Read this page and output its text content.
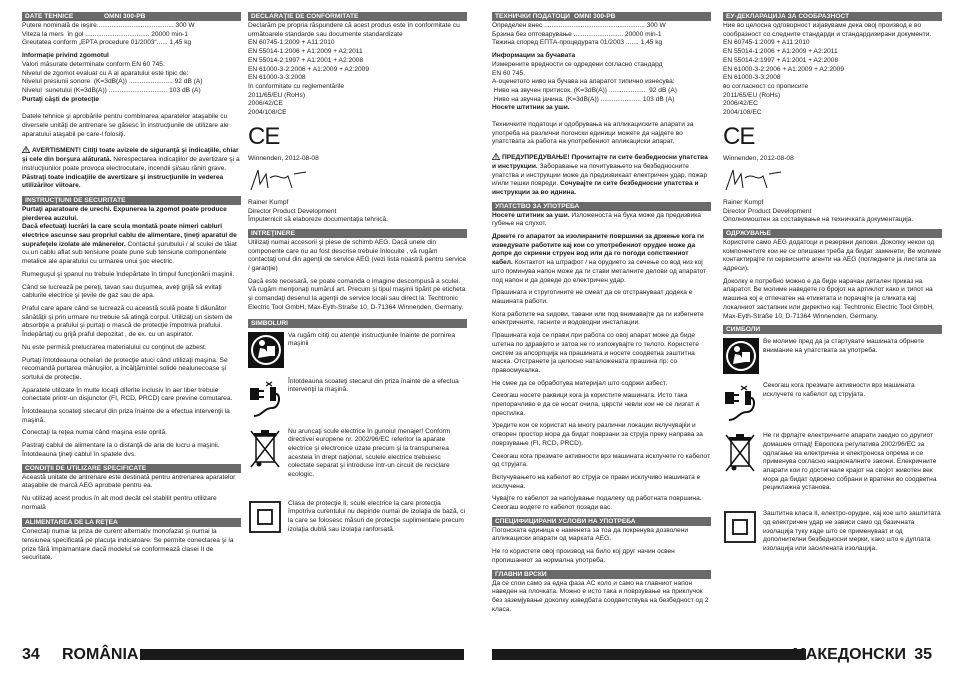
DATE TEHNICE	OMNI 300-PB
Putere nominală de ieşire.......................................... 300 W
Viteza la mers  în gol ................................... 20000 min-1
Greutatea conform „EPTA procedure 01/2003“...... 1,45 kg
Informaţie privind zgomotul
Valori măsurate determinate conform EN 60 745.
Nivelul de zgomot evaluat cu A al aparatului este tipic de:
Nivelul presiunii sonore  (K=3dB(A)) ........................ 92 dB (A)
Nivelul  sunetului (K=3dB(A)) ................................ 103 dB (A)
Purtaţi căşti de protecţie
Datele tehnice şi aprobările pentru combinarea aparatelor ataşabile cu diversele unităţi de antrenare se găsesc în instrucţiunile de utilizare ale aparatului ataşabil pe care-l folosiţi.
AVERTISMENT! Citiţi toate avizele de siguranţă şi indicaţiile, chiar şi cele din borşura alăturată. Nerespectarea indicaţiilor de avertizare şi a instrucţiunilor poate provoca electrocutare, incendii şi/sau răniri grave. Păstraţi toate indicaţiile de avertizare şi instrucţiunile în vederea utilizărilor viitoare.
INSTRUCŢIUNI DE SECURITATE
Purtaţi aparatoare de urechi. Expunerea la zgomot poate produce pierderea auzului.
Dacă efectuaţi lucrări la care scula montată poate nimeri cabluri electrice ascunse sau propriul cablu de alimentare, ţineţi aparatul de suprafeţele izolate ale mânerelor. Contactul şurubului / al sculei de tăiat cu un cablu aflat sub tensiune poate pune sub tensiune componentele metalice ale aparatului cu urmarea unui şoc electric.
Rumeguşul şi şpanul nu trebuie îndepărtate în timpul funcţionării maşinii.
Când se lucrează pe pereţi, tavan sau duşumea, aveţi grijă să evitaţi cablurile electrice şi ţevile de gaz sau de apa.
Praful care apare când se lucrează cu această sculă poate fi dăunător sănătăţii şi prin urmare nu trebuie să atingă corpul. Utilizaţi un sistem de absorbţie a prafului şi purtaţi o mască de protecţie împotriva prafului. Îndepărtaţi cu grijă praful depozitat , de ex. cu un aspirator.
Nu este permisă prelucrarea materialului cu conţinut de azbest.
Purtaţi întotdeauna ochelari de protecţie atuci când utilizaţi maşina. Se recomandă purtarea mănuşilor, a încălţămintei solide nealunecoase şi sortului de protecţie.
Aparatele utilizate în multe locaţii diferite inclusiv în aer liber trebuie conectate printr-un disjunctor (FI, RCD, PRCD) care previne comutarea.
Întotdeauna scoateţi stecarul din priza înainte de a efectua intervenţii la maşină.
Conectaţi la reţea numai când maşina este oprită.
Pastraţi cablul de alimentare la o distanţă de aria de lucru a maşinii. Întotdeauna ţineţi cablul în spatele dvs.
CONDIŢII DE UTILIZARE SPECIFICATE
Această unitate de antrenare este destinată pentru antrenarea aparatelor ataşabile de marcă AEG aprobate pentru ea.
Nu utilizaţi acest produs în alt mod decât cel stabilit pentru utilizare normală
ALIMENTAREA DE LA REŢEA
Conectaţi numai la priza de curent alternativ monofazat şi numai la tensiunea specificată pe placuţa indicatoare. Se permite conectarea şi la prize fără împamantare dacă modelul se conformează clasei II de securitate.
DECLARAŢIE DE CONFORMITATE
Declarăm pe propria răspundere că acest produs este în conformitate cu următoarele standarde sau documente standardizate
EN 60745-1:2009 + A11:2010
EN 55014-1:2006 + A1:2009 + A2:2011
EN 55014-2:1997 + A1:2001 + A2:2008
EN 61000-3-2:2006 + A1:2009 + A2:2009
EN 61000-3-3:2008
în conformitate cu reglementările
2011/65/EU (RoHs)
2006/42/CE
2004/108/CE
CE
Winnenden, 2012-08-08
Rainer Kumpf
Director Product Development
Împuternicit să elaboreze documentaţia tehnică.
INTREŢINERE
Utilizaţi numai accesorii şi piese de schimb AEG. Dacă unele din componente care nu au fost descrise trebuie înlocuite , vă rugăm contactaţi unul din agenţii de service AEG (vezi lista noastră pentru service / garanţie)
Dacă este necesară, se poate comanda o imagine descompusă a sculei. Vă rugăm menţionaţi numărul art. Precum şi tipul maşinii tipărit pe eticheta şi comandaţi desenul la agenţii de service locali sau direct la: Techtronic Electric Tool GmbH, Max-Eyth-Straße 10, D-71364 Winnenden, Germany.
SIMBOLURI
Va rugăm citiţi cu atenţie instrucţiunile înainte de pornirea maşinii
Întotdeauna scoateţi stecarul din priza înainte de a efectua intervenţii la maşină.
Nu aruncaţi scule electrice în gunoiul menajer! Conform directivei europene nr. 2002/96/EC referitor la aparate electrice şi electronice uzate precum şi la transpunerea acesteia în drept naţional, sculele electrice trebuiesc colectate separat şi introduse într-un circuit de reciclare ecologic.
Clasa de protecţie II, scule electrice la care protecţia împotriva curentului nu depinde numai de izolaţia de bază, ci la care se folosesc măsuri de protecţie suplimentare precum izolaţia dublă sau izolaţia ranforsată.
ТЕХНИЧКИ ПОДАТОЦИ OMNI 300-PB
Определен внес ....................................................... 300 W
Брзина без оптоварување ........................... 20000 min-1
Тежина според ЕПТА-процедурата 01/2003 ....... 1,45 kg
Информации за бучавата
Измерените вредности се одредени согласно стандард
EN 60 745.
A-оценетото ниво на бучава на апаратот типично изнесува:
Ниво на звучен притисок. (K=3dB(A)) ....................  92 dB (A)
Ниво на звучна јачина. (K=3dB(A)) ...................... 103 dB (A)
Носете штитник за уши.
Техничките податоци и одобрувања на апликациските апарати за употреба на различни погонски единици можете да најдете во упатствата за работа на употребениот апликациски апарат.
ПРЕДУПРЕДУВАЊЕ! Прочитајте ги сите безбедносни упатства и инструкции. Заборавање на почитувањето на безбедносните упатства и инструкции може да предизвикаат електричен удар, пожар и/или тешки повреди. Сочувајте ги сите безбедносни упатства и инструкции за во иднина.
УПАТСТВО ЗА УПОТРЕБА
Носете штитник за уши. Изложеноста на бука може да предизвика губење на слухот.
Држете го апаратот за изолираните површини за држење кога ги изведувате работите кај кои со употребениот орудие може да допре до скриени струен вод или да го погоди сопствениот кабел. Контактот на штрафот / на орудието за сечење со вод низ кој што поминува напон може да ги стави металните делови од апаратот под напон и да доведе до електричен удар.
Прашината и струготините не смеат да се отстрануваат додека е машината работи.
Кога работите на ѕидови, тавани или под внимавајте да ги избегнете електричните, гасните и водоводни инсталации.
Прашината која се прави при работа со овој апарат може да биде штетна по здравјето и затоа не го изложувајте го телото. Користете систем за апсорпција на прашината и носете соодветна заштитна маска. Отстранете ја целосно наталожената прашина пр: со правосмукалка.
Не смее да се обработува материјал што содржи азбест.
Секогаш носете раквици кога ја користите машината. Исто така препорачливо е да се носат очила, цврсти чевли кои не се лизгат и престилка.
Уредите кои се користат на многу различни локации вклучувајќи и отворен простор мора да бидат поврзани за струја преку направа за поврзување (FI, RCD, PRCD).
Секогаш кога презмате активности врз машината исклучете го кабелот од струјата.
Вклучувањето на кабелот во струја се прави исклучиво машината е исклучена.
Чувајте го кабелот за напојување подалеку од работната површина. Секогаш водете го кабелот позади вас.
СПЕЦИФИЦИРАНИ УСЛОВИ НА УПОТРЕБА
Погонската единица е наменета за тоа да покренува дозволени апликациски апарати од марката AEG.
Не го користете овој производ на било кој друг начин освен пропишаниот за нормална употреба.
ГЛАВНИ ВРСКИ
Да се спои само за една фаза AC коло и само на главниот напон наведен на плочката. Можно е исто така и поврзување на приклучок без заземјување доколку изведбата соодветствува на безбедност од 2 класа.
ЕУ-ДЕКЛАРАЦИЈА ЗА СООБРАЗНОСТ
Ние во целосна одговорност изјавуваме дека овој производ е во сообразност со следните стандарди и стандардизирани документи.
EN 60745-1:2009 + A11:2010
EN 55014-1:2006 + A1:2009 + A2:2011
EN 55014-2:1997 + A1:2001 + A2:2008
EN 61000-3-2:2006 + A1:2009 + A2:2009
EN 61000-3-3:2008
во согласност со прописите
2011/65/EU (RoHs)
2006/42/EC
2004/108/EC
CE
Winnenden, 2012-08-08
Rainer Kumpf
Director Product Development
Ополномоштен за составување на техничката документација.
ОДРЖУВАЊЕ
Користете само AEG додатоци и резервни делови. Доколку некои од компонентите кои не се опишани треба да бидат заменети, Ве молиме контактирајте ги сервисните агенти на AEG (погледнете ја листата за адреси).
Доколку е потребно можно е да биде нарачан детален приказ на апаратот. Ве молиме наведете го бројот на артиклот како и типот на машина кој е отпечатен на етикетата и порачајте ја сликата кај локалниот застапник или директно кај: Techtronic Electric Tool GmbH, Max-Eyth-Straße 10, D-71364 Winnenden, Germany.
СИМБОЛИ
Ве молиме пред да ја стартувате машината обрнете внимание на упатствата за употреба.
Секогаш кога презмате активности врз машината исклучете го кабелот од струјата.
Не ги фрлајте електричните апарати заедно со другиот домашен отпад! Европска регулатива 2002/96/EC за одлагање на електрична и електронска опрема и се применува согласно националните закони. Елекричните апарати кои го достигнале крајот на својот животен век мора да бидат одвоено собрани и вратени во соодветна рециклажна установа.
Заштитна класа II, електро-орудие, кај кое што заштитата од електричен удар не зависи само од базичната изолација туку каде што се применуваат и од дополнителни безбедносни мерки, како што е дуплата изолација или засилената изолација.
34 ROMÂNIA	МАКЕДОНСКИ 35
